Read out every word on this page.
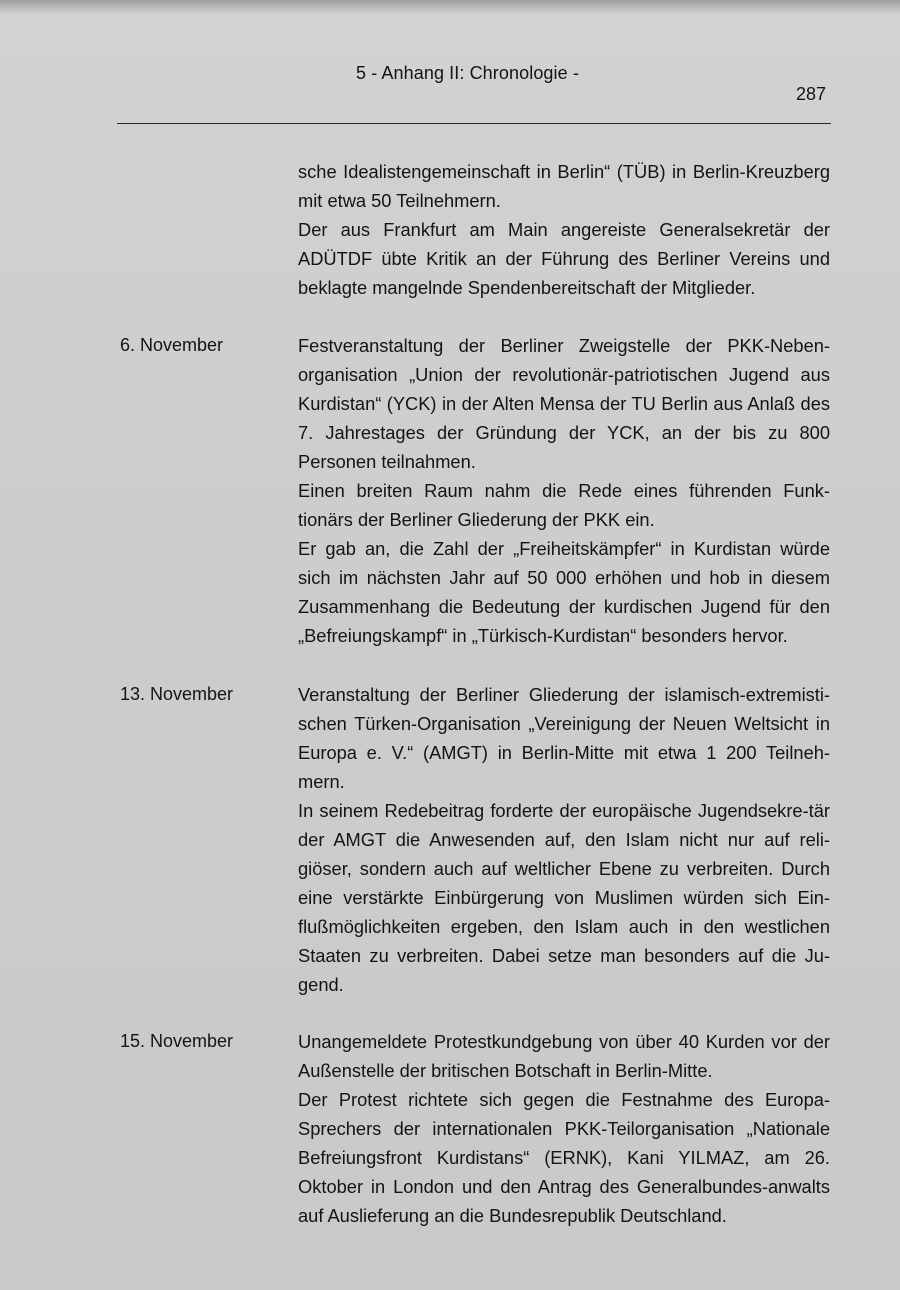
5 - Anhang II: Chronologie -
287

sche Idealistengemeinschaft in Berlin“ (TÜB) in Berlin-Kreuzberg mit etwa 50 Teilnehmern.

Der aus Frankfurt am Main angereiste Generalsekretär der ADÜTDF übte Kritik an der Führung des Berliner Vereins und beklagte mangelnde Spendenbereitschaft der Mitglieder.

6. November	Festveranstaltung der Berliner Zweigstelle der PKK-Neben-organisation „Union der revolutionär-patriotischen Jugend aus Kurdistan“ (YCK) in der Alten Mensa der TU Berlin aus Anlaß des 7. Jahrestages der Gründung der YCK, an der bis zu 800 Personen teilnahmen.

Einen breiten Raum nahm die Rede eines führenden Funk-tionärs der Berliner Gliederung der PKK ein.

Er gab an, die Zahl der „Freiheitskämpfer“ in Kurdistan würde sich im nächsten Jahr auf 50 000 erhöhen und hob in diesem Zusammenhang die Bedeutung der kurdischen Jugend für den „Befreiungskampf“ in „Türkisch-Kurdistan“ besonders hervor.

13. November	Veranstaltung der Berliner Gliederung der islamisch-extremisti-schen Türken-Organisation „Vereinigung der Neuen Weltsicht in Europa e. V.“ (AMGT) in Berlin-Mitte mit etwa 1 200 Teilneh-mern.

In seinem Redebeitrag forderte der europäische Jugendsekre-tär der AMGT die Anwesenden auf, den Islam nicht nur auf reli-giöser, sondern auch auf weltlicher Ebene zu verbreiten. Durch eine verstärkte Einbürgerung von Muslimen würden sich Ein-flußmöglichkeiten ergeben, den Islam auch in den westlichen Staaten zu verbreiten. Dabei setze man besonders auf die Ju-gend.

15. November	Unangemeldete Protestkundgebung von über 40 Kurden vor der Außenstelle der britischen Botschaft in Berlin-Mitte.

Der Protest richtete sich gegen die Festnahme des Europa-Sprechers der internationalen PKK-Teilorganisation „Nationale Befreiungsfront Kurdistans“ (ERNK), Kani YILMAZ, am 26. Oktober in London und den Antrag des Generalbundes-anwalts auf Auslieferung an die Bundesrepublik Deutschland.
